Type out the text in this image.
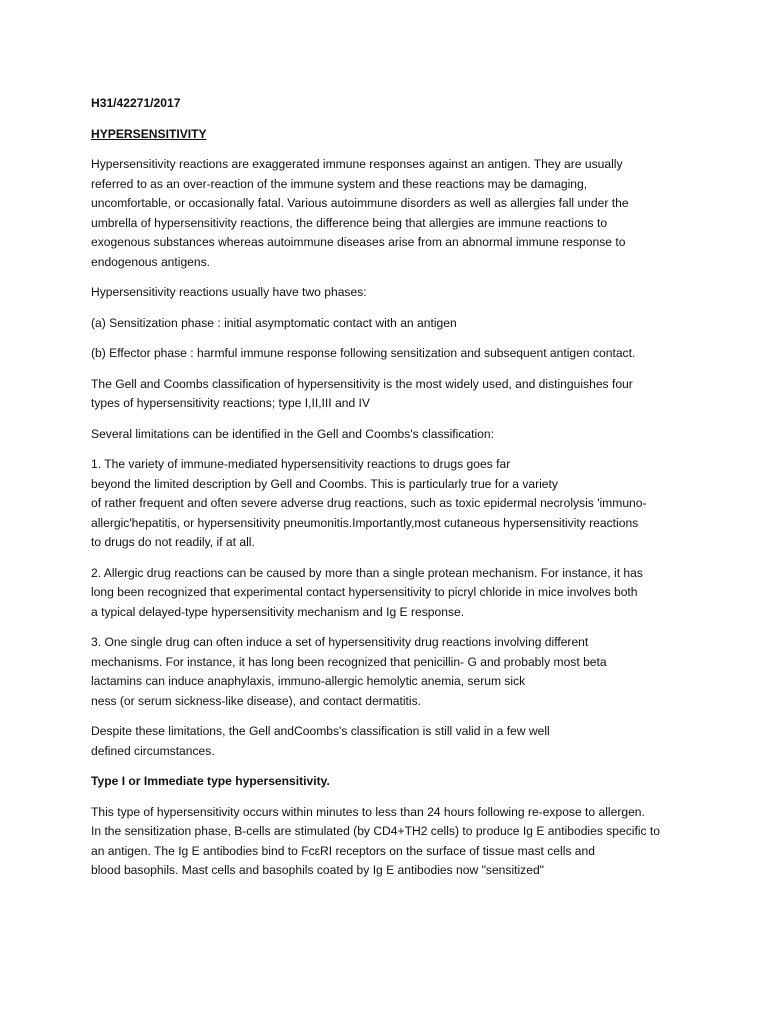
H31/42271/2017

HYPERSENSITIVITY

Hypersensitivity reactions are exaggerated immune responses against an antigen. They are usually
referred to as an over-reaction of the immune system and these reactions may be damaging,
uncomfortable, or occasionally fatal. Various autoimmune disorders as well as allergies fall under the
umbrella of hypersensitivity reactions, the difference being that allergies are immune reactions to
exogenous substances whereas autoimmune diseases arise from an abnormal immune response to
endogenous antigens.

Hypersensitivity reactions usually have two phases:

(a) Sensitization phase : initial asymptomatic contact with an antigen

(b) Effector phase : harmful immune response following sensitization and subsequent antigen contact.

The Gell and Coombs classification of hypersensitivity is the most widely used, and distinguishes four
types of hypersensitivity reactions; type I,II,III and IV

Several limitations can be identified in the Gell and Coombs's classification:

1. The variety of immune-mediated hypersensitivity reactions to drugs goes far
beyond the limited description by Gell and Coombs. This is particularly true for a variety
of rather frequent and often severe adverse drug reactions, such as toxic epidermal necrolysis 'immuno-
allergic'hepatitis, or hypersensitivity pneumonitis.Importantly,most cutaneous hypersensitivity reactions
to drugs do not readily, if at all.

2. Allergic drug reactions can be caused by more than a single protean mechanism. For instance, it has
long been recognized that experimental contact hypersensitivity to picryl chloride in mice involves both
a typical delayed-type hypersensitivity mechanism and Ig E response.

3. One single drug can often induce a set of hypersensitivity drug reactions involving different
mechanisms. For instance, it has long been recognized that penicillin- G and probably most beta
lactamins can induce anaphylaxis, immuno-allergic hemolytic anemia, serum sick
ness (or serum sickness-like disease), and contact dermatitis.

Despite these limitations, the Gell andCoombs's classification is still valid in a few well
defined circumstances.

Type I or Immediate type hypersensitivity.

This type of hypersensitivity occurs within minutes to less than 24 hours following re-expose to allergen.
In the sensitization phase, B-cells are stimulated (by CD4+TH2 cells) to produce Ig E antibodies specific to
an antigen. The Ig E antibodies bind to FcεRI receptors on the surface of tissue mast cells and
blood basophils. Mast cells and basophils coated by Ig E antibodies now "sensitized"
